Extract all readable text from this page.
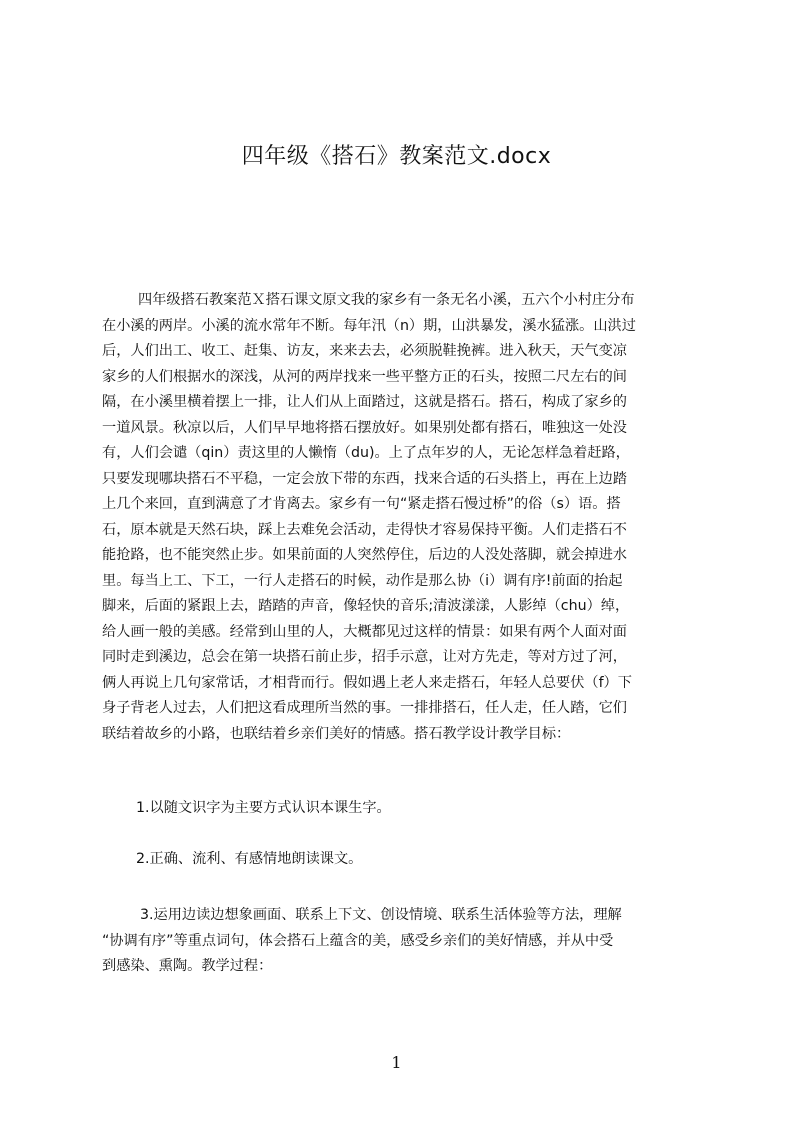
四年级《搭石》教案范文.docx
四年级搭石教案范Ｘ搭石课文原文我的家乡有一条无名小溪，五六个小村庄分布
在小溪的两岸。小溪的流水常年不断。每年汛（n）期，山洪暴发，溪水猛涨。山洪过
后，人们出工、收工、赶集、访友，来来去去，必须脱鞋挽裤。进入秋天，天气变凉
家乡的人们根据水的深浅，从河的两岸找来一些平整方正的石头，按照二尺左右的间
隔，在小溪里横着摆上一排，让人们从上面踏过，这就是搭石。搭石，构成了家乡的
一道风景。秋凉以后，人们早早地将搭石摆放好。如果别处都有搭石，唯独这一处没
有，人们会谴（qin）责这里的人懒惰（du)。上了点年岁的人，无论怎样急着赶路，
只要发现哪块搭石不平稳，一定会放下带的东西，找来合适的石头搭上，再在上边踏
上几个来回，直到满意了才肯离去。家乡有一句“紧走搭石慢过桥”的俗（s）语。搭
石，原本就是天然石块，踩上去难免会活动，走得快才容易保持平衡。人们走搭石不
能抢路，也不能突然止步。如果前面的人突然停住，后边的人没处落脚，就会掉进水
里。每当上工、下工，一行人走搭石的时候，动作是那么协（i）调有序!前面的抬起
脚来，后面的紧跟上去，踏踏的声音，像轻快的音乐;清波漾漾，人影绰（chu）绰，
给人画一般的美感。经常到山里的人，大概都见过这样的情景：如果有两个人面对面
同时走到溪边，总会在第一块搭石前止步，招手示意，让对方先走，等对方过了河，
俩人再说上几句家常话，才相背而行。假如遇上老人来走搭石，年轻人总要伏（f）下
身子背老人过去，人们把这看成理所当然的事。一排排搭石，任人走，任人踏，它们
联结着故乡的小路，也联结着乡亲们美好的情感。搭石教学设计教学目标：
1.以随文识字为主要方式认识本课生字。
2.正确、流利、有感情地朗读课文。
3.运用边读边想象画面、联系上下文、创设情境、联系生活体验等方法，理解
“协调有序”等重点词句，体会搭石上蕴含的美，感受乡亲们的美好情感，并从中受
到感染、熏陶。教学过程：
1
